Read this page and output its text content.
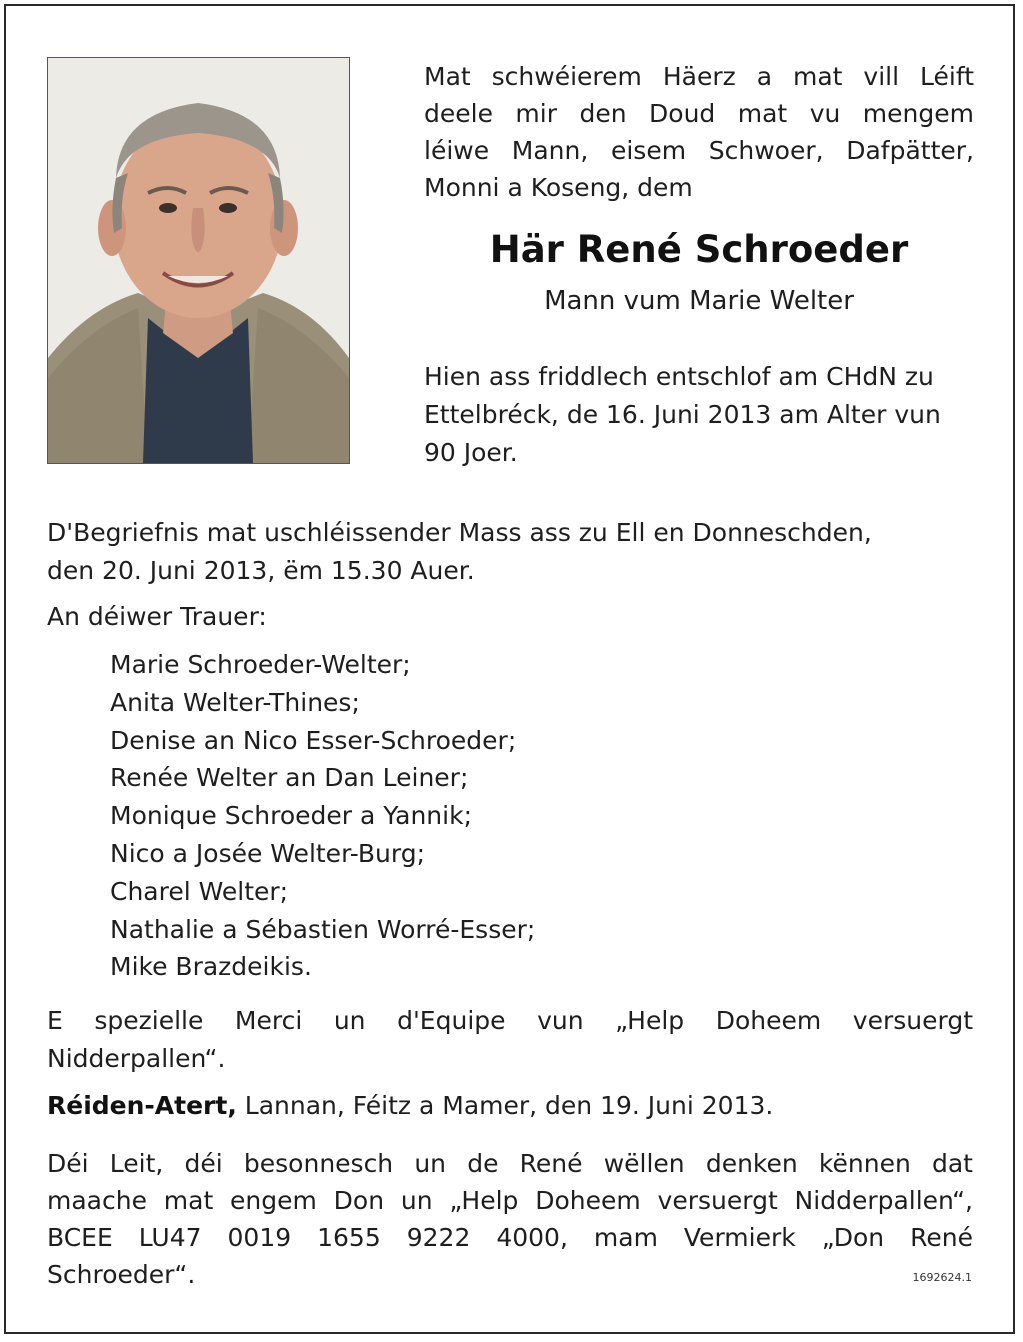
Mat schwéierem Häerz a mat vill Léift
deele mir den Doud mat vu mengem
léiwe Mann, eisem Schwoer, Dafpätter,
Monni a Koseng, dem
Här René Schroeder
Mann vum Marie Welter
Hien ass friddlech entschlof am CHdN zu
Ettelbréck, de 16. Juni 2013 am Alter vun
90 Joer.
D'Begriefnis mat uschléissender Mass ass zu Ell en Donneschden,
den 20. Juni 2013, ëm 15.30 Auer.
An déiwer Trauer:
Marie Schroeder-Welter;
Anita Welter-Thines;
Denise an Nico Esser-Schroeder;
Renée Welter an Dan Leiner;
Monique Schroeder a Yannik;
Nico a Josée Welter-Burg;
Charel Welter;
Nathalie a Sébastien Worré-Esser;
Mike Brazdeikis.
E spezielle Merci un d'Equipe vun „Help Doheem versuergt
Nidderpallen“.
Réiden-Atert, Lannan, Féitz a Mamer, den 19. Juni 2013.
Déi Leit, déi besonnesch un de René wëllen denken kënnen dat
maache mat engem Don un „Help Doheem versuergt Nidderpallen“,
BCEE LU47 0019 1655 9222 4000, mam Vermierk „Don René
Schroeder“.	1692624.1
